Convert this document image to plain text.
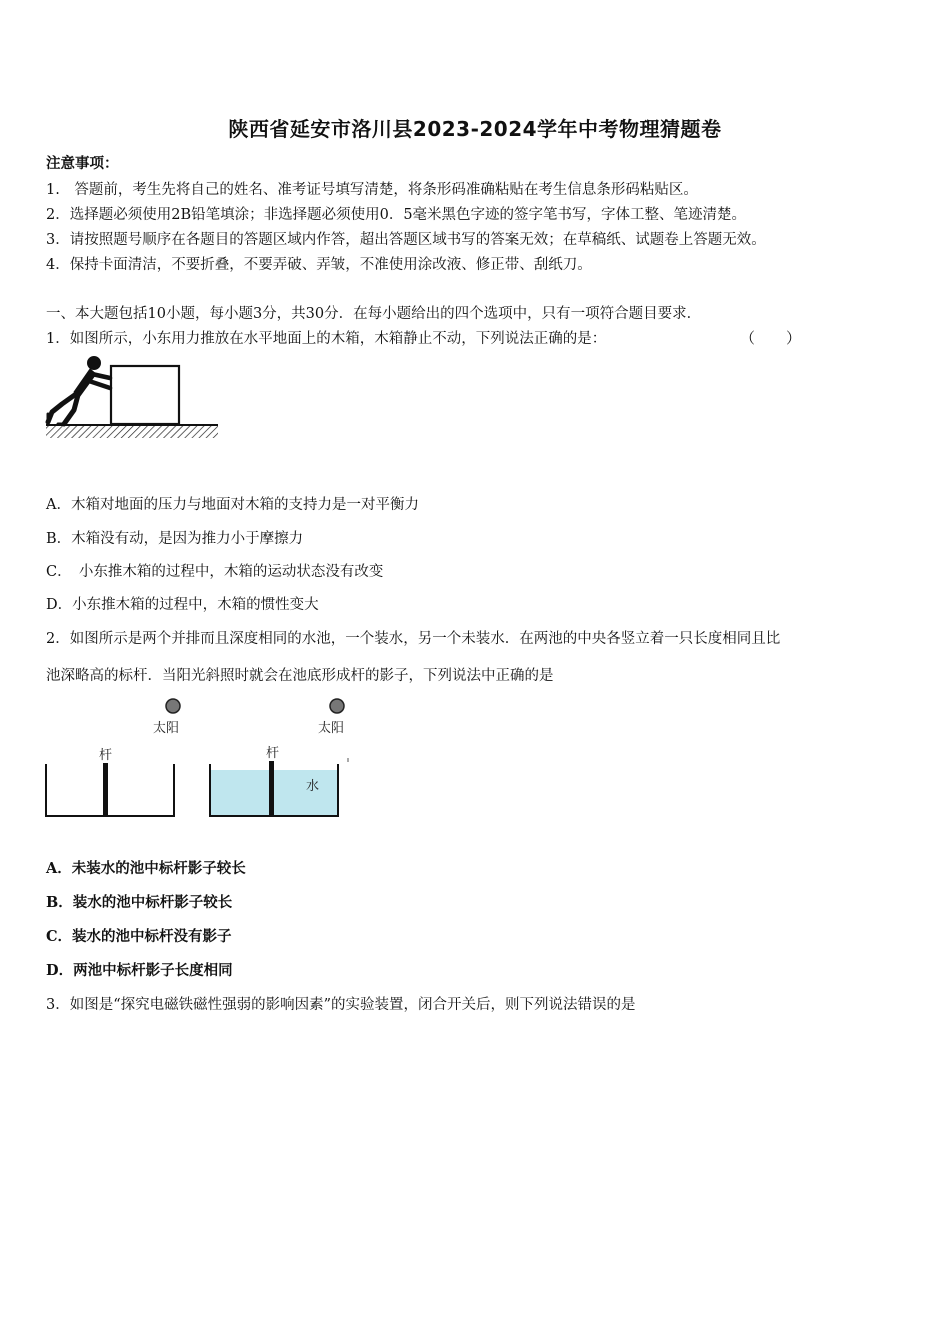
陕西省延安市洛川县2023-2024学年中考物理猜题卷
注意事项：
1.　答题前，考生先将自己的姓名、准考证号填写清楚，将条形码准确粘贴在考生信息条形码粘贴区。
2．选择题必须使用2B铅笔填涂；非选择题必须使用0．5毫米黑色字迹的签字笔书写，字体工整、笔迹清楚。
3．请按照题号顺序在各题目的答题区域内作答，超出答题区域书写的答案无效；在草稿纸、试题卷上答题无效。
4．保持卡面清洁，不要折叠，不要弄破、弄皱，不准使用涂改液、修正带、刮纸刀。
一、本大题包括10小题，每小题3分，共30分．在每小题给出的四个选项中，只有一项符合题目要求．
1．如图所示，小东用力推放在水平地面上的木箱，木箱静止不动，下列说法正确的是：	（　）
A．木箱对地面的压力与地面对木箱的支持力是一对平衡力
B．木箱没有动，是因为推力小于摩擦力
C．　小东推木箱的过程中，木箱的运动状态没有改变
D．小东推木箱的过程中，木箱的惯性变大
2．如图所示是两个并排而且深度相同的水池，一个装水，另一个未装水．在两池的中央各竖立着一只长度相同且比
池深略高的标杆．当阳光斜照时就会在池底形成杆的影子，下列说法中正确的是
太阳	太阳
杆	杆
水
A．未装水的池中标杆影子较长
B．装水的池中标杆影子较长
C．装水的池中标杆没有影子
D．两池中标杆影子长度相同
3．如图是“探究电磁铁磁性强弱的影响因素”的实验装置，闭合开关后，则下列说法错误的是
